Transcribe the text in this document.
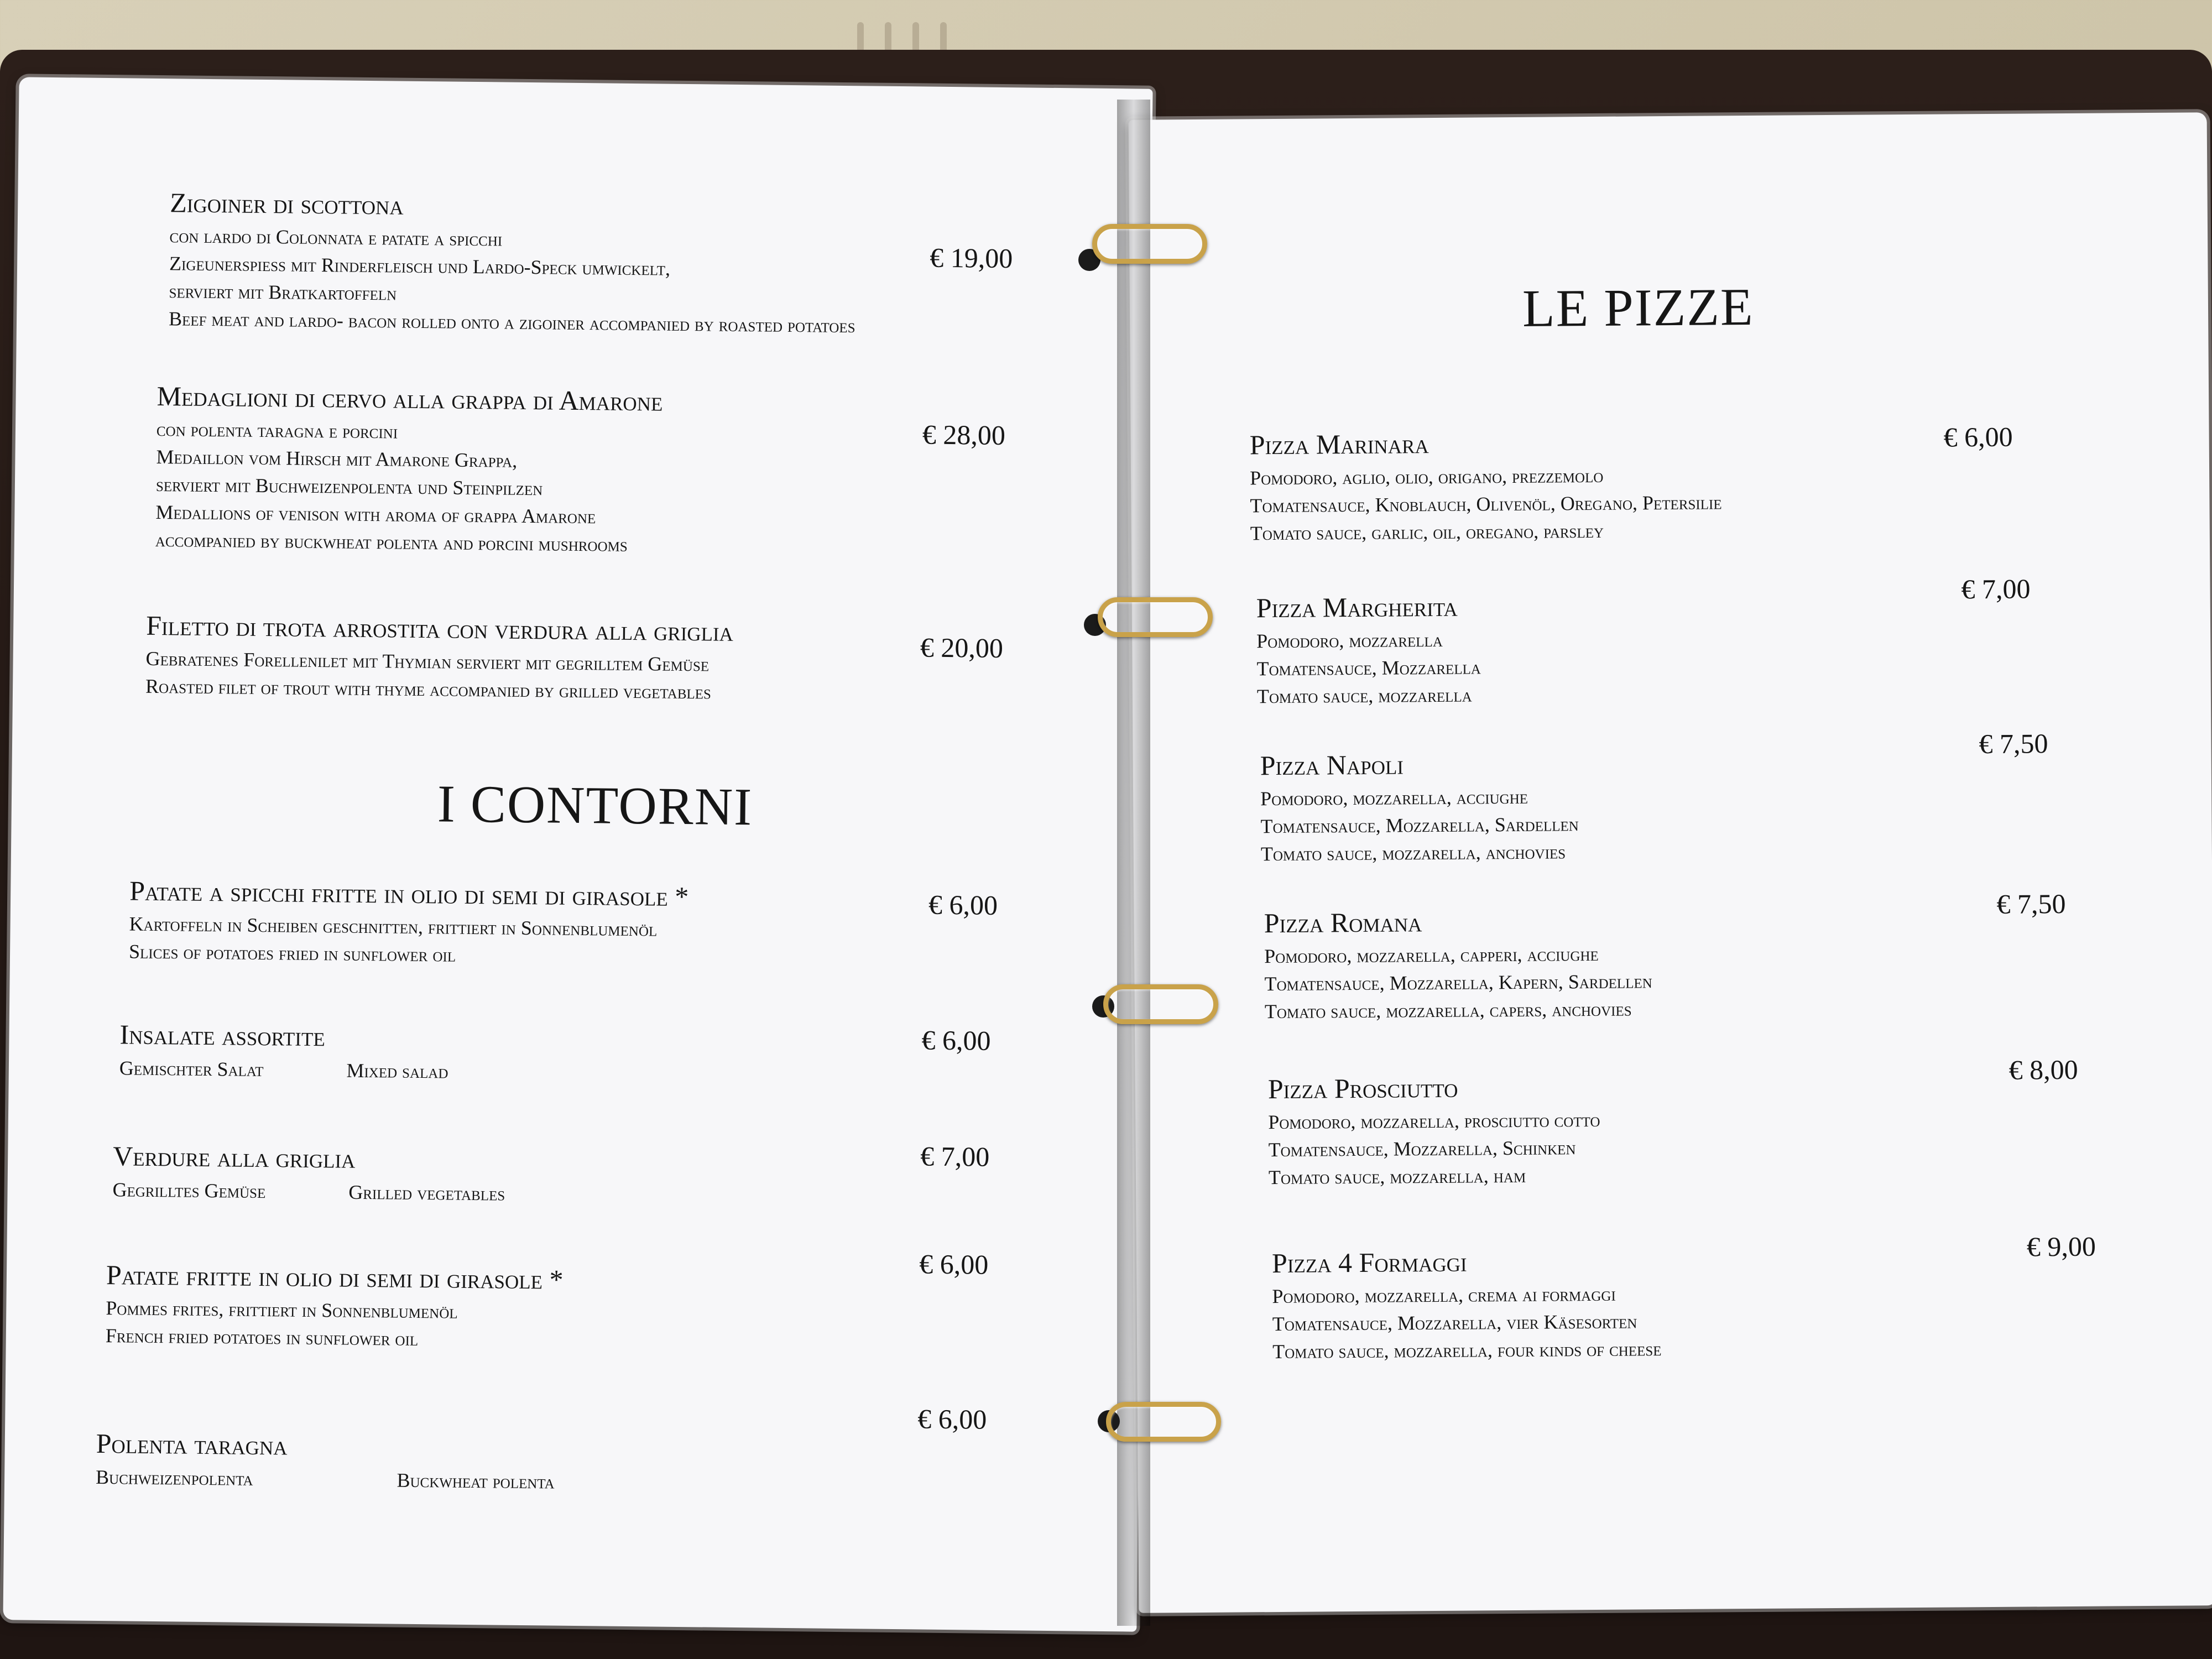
Zigoiner di scottona
con lardo di Colonnata e patate a spicchi
Zigeunerspiess mit Rinderfleisch und Lardo-Speck umwickelt,
serviert mit Bratkartoffeln
Beef meat and lardo- bacon rolled onto a zigoiner accompanied by roasted potatoes
€ 19,00
Medaglioni di cervo alla grappa di Amarone
con polenta taragna e porcini
Medaillon vom Hirsch mit Amarone Grappa,
serviert mit Buchweizenpolenta und Steinpilzen
Medallions of venison with aroma of grappa Amarone
accompanied by buckwheat polenta and porcini mushrooms
€ 28,00
Filetto di trota arrostita con verdura alla griglia
Gebratenes Forellenilet mit Thymian serviert mit gegrilltem Gemüse
Roasted filet of trout with thyme accompanied by grilled vegetables
€ 20,00
I CONTORNI
Patate a spicchi fritte in olio di semi di girasole *
Kartoffeln in Scheiben geschnitten, frittiert in Sonnenblumenöl
Slices of potatoes fried in sunflower oil
€ 6,00
Insalate assortite
Gemischter Salat	Mixed salad
€ 6,00
Verdure alla griglia
Gegrilltes Gemüse	Grilled vegetables
€ 7,00
Patate fritte in olio di semi di girasole *
Pommes frites, frittiert in Sonnenblumenöl
French fried potatoes in sunflower oil
€ 6,00
Polenta taragna
Buchweizenpolenta	Buckwheat polenta
€ 6,00
LE PIZZE
Pizza Marinara
Pomodoro, aglio, olio, origano, prezzemolo
Tomatensauce, Knoblauch, Olivenöl, Oregano, Petersilie
Tomato sauce, garlic, oil, oregano, parsley
€ 6,00
Pizza Margherita
Pomodoro, mozzarella
Tomatensauce, Mozzarella
Tomato sauce, mozzarella
€ 7,00
Pizza Napoli
Pomodoro, mozzarella, acciughe
Tomatensauce, Mozzarella, Sardellen
Tomato sauce, mozzarella, anchovies
€ 7,50
Pizza Romana
Pomodoro, mozzarella, capperi, acciughe
Tomatensauce, Mozzarella, Kapern, Sardellen
Tomato sauce, mozzarella, capers, anchovies
€ 7,50
Pizza Prosciutto
Pomodoro, mozzarella, prosciutto cotto
Tomatensauce, Mozzarella, Schinken
Tomato sauce, mozzarella, ham
€ 8,00
Pizza 4 Formaggi
Pomodoro, mozzarella, crema ai formaggi
Tomatensauce, Mozzarella, vier Käsesorten
Tomato sauce, mozzarella, four kinds of cheese
€ 9,00
